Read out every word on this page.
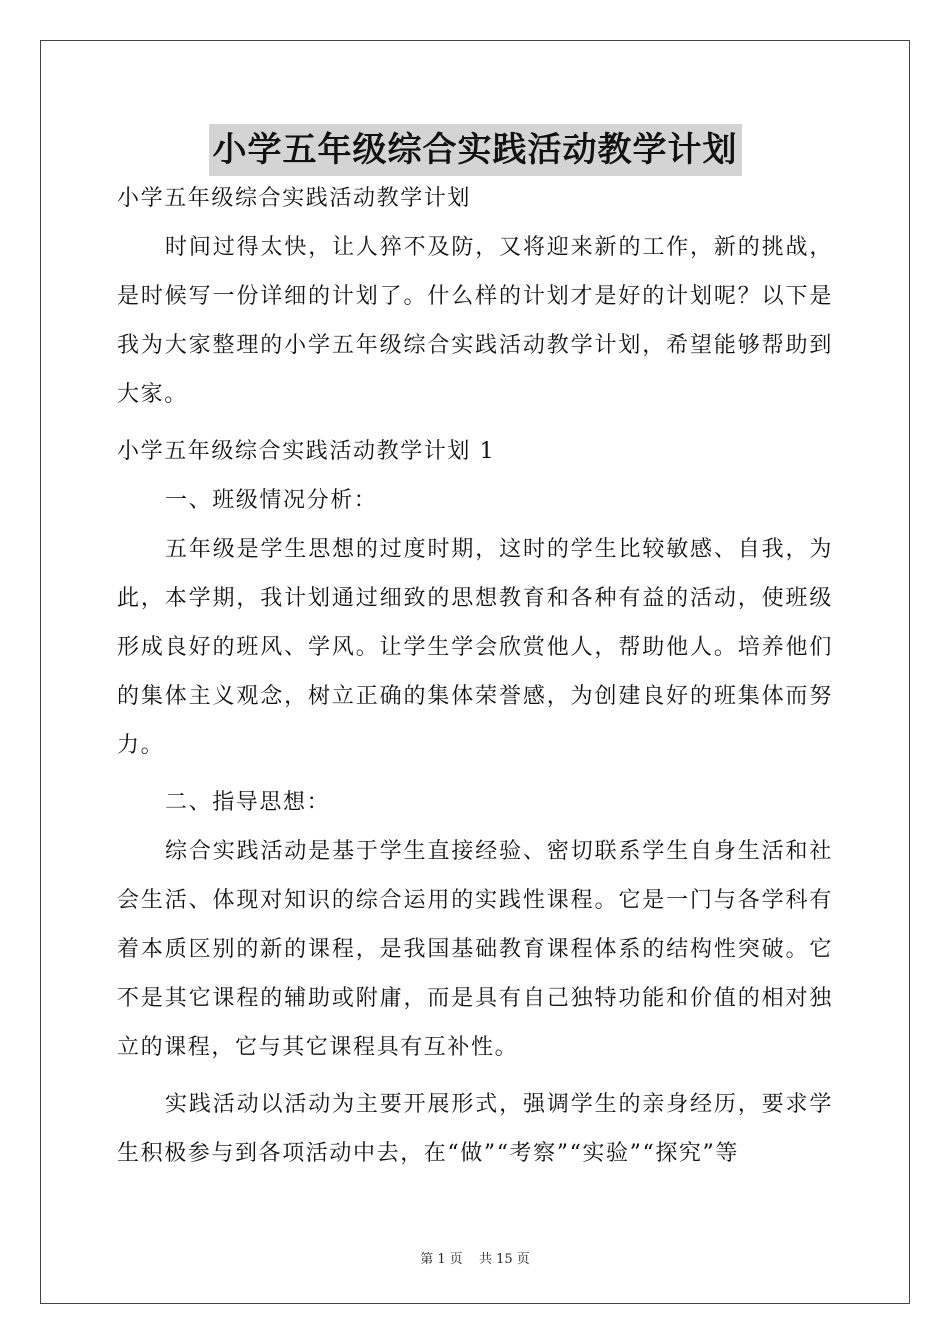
小学五年级综合实践活动教学计划

小学五年级综合实践活动教学计划

时间过得太快，让人猝不及防，又将迎来新的工作，新的挑战，是时候写一份详细的计划了。什么样的计划才是好的计划呢？以下是我为大家整理的小学五年级综合实践活动教学计划，希望能够帮助到大家。

小学五年级综合实践活动教学计划 1

一、班级情况分析：

五年级是学生思想的过度时期，这时的学生比较敏感、自我，为此，本学期，我计划通过细致的思想教育和各种有益的活动，使班级形成良好的班风、学风。让学生学会欣赏他人，帮助他人。培养他们的集体主义观念，树立正确的集体荣誉感，为创建良好的班集体而努力。

二、指导思想：

综合实践活动是基于学生直接经验、密切联系学生自身生活和社会生活、体现对知识的综合运用的实践性课程。它是一门与各学科有着本质区别的新的课程，是我国基础教育课程体系的结构性突破。它不是其它课程的辅助或附庸，而是具有自己独特功能和价值的相对独立的课程，它与其它课程具有互补性。

实践活动以活动为主要开展形式，强调学生的亲身经历，要求学生积极参与到各项活动中去，在“做”“考察”“实验”“探究”等

第 1 页 共 15 页
